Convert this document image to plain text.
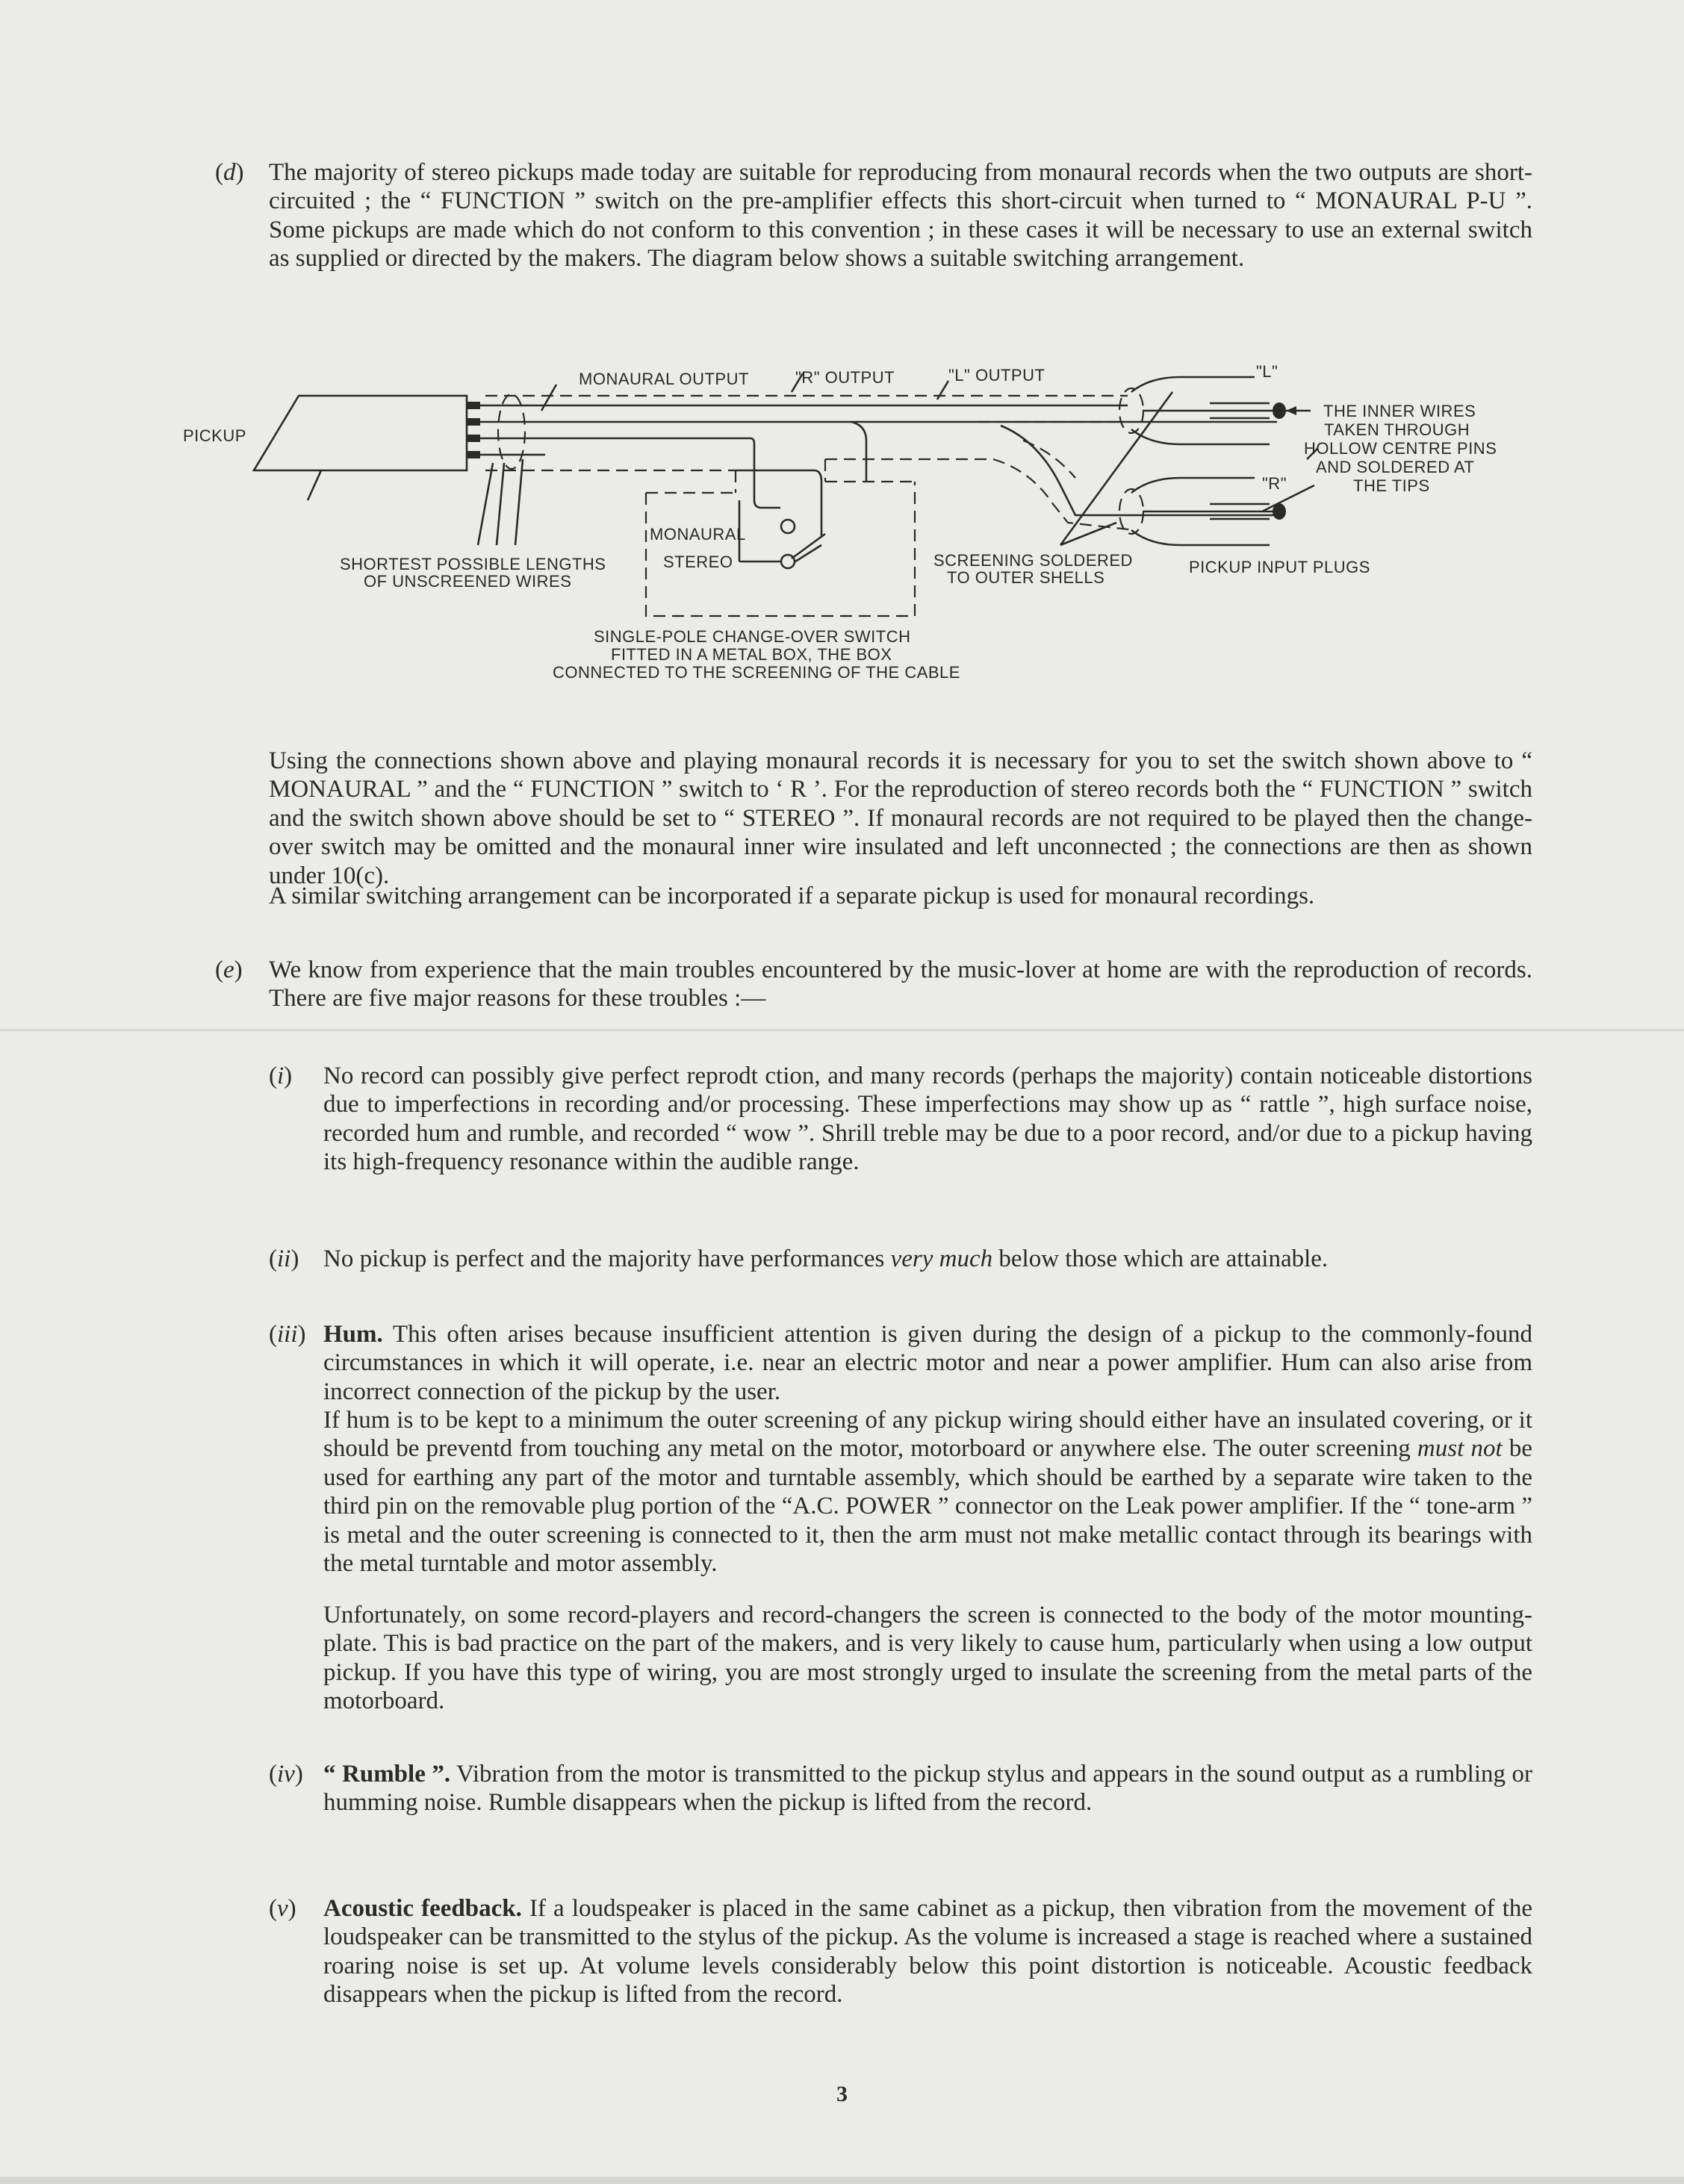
(d) The majority of stereo pickups made today are suitable for reproducing from monaural records when the two outputs are short-circuited ; the “ FUNCTION ” switch on the pre-amplifier effects this short-circuit when turned to “ MONAURAL P-U ”. Some pickups are made which do not conform to this convention ; in these cases it will be necessary to use an external switch as supplied or directed by the makers. The diagram below shows a suitable switching arrangement.

PICKUP
MONAURAL OUTPUT	"R" OUTPUT	"L" OUTPUT	"L"
"R"
THE INNER WIRES
TAKEN THROUGH
HOLLOW CENTRE PINS
AND SOLDERED AT
THE TIPS
MONAURAL
STEREO
SHORTEST POSSIBLE LENGTHS
OF UNSCREENED WIRES
SCREENING SOLDERED
TO OUTER SHELLS
PICKUP INPUT PLUGS
SINGLE-POLE CHANGE-OVER SWITCH
FITTED IN A METAL BOX, THE BOX
CONNECTED TO THE SCREENING OF THE CABLE

Using the connections shown above and playing monaural records it is necessary for you to set the switch shown above to “ MONAURAL ” and the “ FUNCTION ” switch to ‘ R ’. For the reproduction of stereo records both the “ FUNCTION ” switch and the switch shown above should be set to “ STEREO ”. If monaural records are not required to be played then the change-over switch may be omitted and the monaural inner wire insulated and left unconnected ; the connections are then as shown under 10(c).

A similar switching arrangement can be incorporated if a separate pickup is used for monaural recordings.

(e) We know from experience that the main troubles encountered by the music-lover at home are with the reproduction of records. There are five major reasons for these troubles :—

(i) No record can possibly give perfect reprodt ction, and many records (perhaps the majority) contain noticeable distortions due to imperfections in recording and/or processing. These imperfections may show up as “ rattle ”, high surface noise, recorded hum and rumble, and recorded “ wow ”. Shrill treble may be due to a poor record, and/or due to a pickup having its high-frequency resonance within the audible range.

(ii) No pickup is perfect and the majority have performances very much below those which are attainable.

(iii) Hum. This often arises because insufficient attention is given during the design of a pickup to the commonly-found circumstances in which it will operate, i.e. near an electric motor and near a power amplifier. Hum can also arise from incorrect connection of the pickup by the user.

If hum is to be kept to a minimum the outer screening of any pickup wiring should either have an insulated covering, or it should be preventd from touching any metal on the motor, motorboard or anywhere else. The outer screening must not be used for earthing any part of the motor and turntable assembly, which should be earthed by a separate wire taken to the third pin on the removable plug portion of the “A.C. POWER ” connector on the Leak power amplifier. If the “ tone-arm ” is metal and the outer screening is connected to it, then the arm must not make metallic contact through its bearings with the metal turntable and motor assembly.

Unfortunately, on some record-players and record-changers the screen is connected to the body of the motor mounting-plate. This is bad practice on the part of the makers, and is very likely to cause hum, particularly when using a low output pickup. If you have this type of wiring, you are most strongly urged to insulate the screening from the metal parts of the motorboard.

(iv) “ Rumble ”. Vibration from the motor is transmitted to the pickup stylus and appears in the sound output as a rumbling or humming noise. Rumble disappears when the pickup is lifted from the record.

(v) Acoustic feedback. If a loudspeaker is placed in the same cabinet as a pickup, then vibration from the movement of the loudspeaker can be transmitted to the stylus of the pickup. As the volume is increased a stage is reached where a sustained roaring noise is set up. At volume levels considerably below this point distortion is noticeable. Acoustic feedback disappears when the pickup is lifted from the record.

3
